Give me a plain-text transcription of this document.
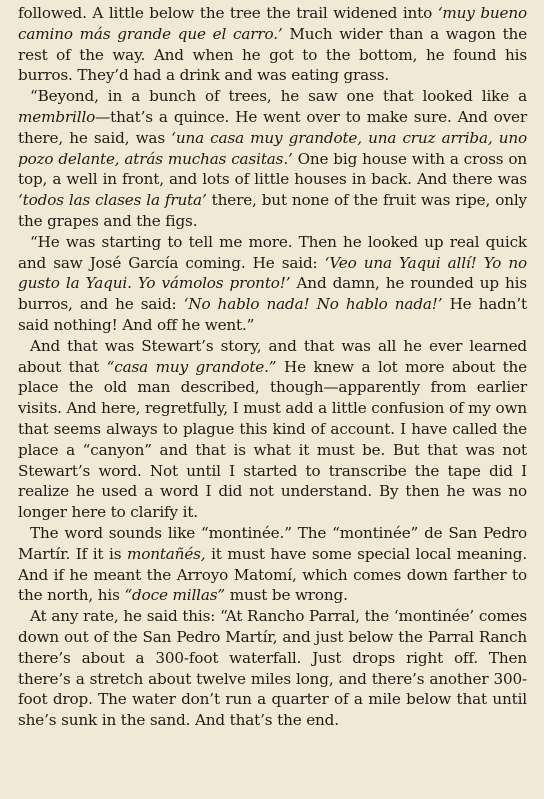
followed. A little below the tree the trail widened into ‘muy bueno camino más grande que el carro.’ Much wider than a wagon the rest of the way. And when he got to the bottom, he found his burros. They’d had a drink and was eating grass.

“Beyond, in a bunch of trees, he saw one that looked like a membrillo—that’s a quince. He went over to make sure. And over there, he said, was ‘una casa muy grandote, una cruz arriba, uno pozo delante, atrás muchas casitas.’ One big house with a cross on top, a well in front, and lots of little houses in back. And there was ‘todos las clases la fruta’ there, but none of the fruit was ripe, only the grapes and the figs.

“He was starting to tell me more. Then he looked up real quick and saw José García coming. He said: ‘Veo una Yaqui allí! Yo no gusto la Yaqui. Yo vámolos pronto!’ And damn, he rounded up his burros, and he said: ‘No hablo nada! No hablo nada!’ He hadn’t said nothing! And off he went.”

And that was Stewart’s story, and that was all he ever learned about that “casa muy grandote.” He knew a lot more about the place the old man described, though—apparently from earlier visits. And here, regretfully, I must add a little confusion of my own that seems always to plague this kind of account. I have called the place a “canyon” and that is what it must be. But that was not Stewart’s word. Not until I started to transcribe the tape did I realize he used a word I did not understand. By then he was no longer here to clarify it.

The word sounds like “montinée.” The “montinée” de San Pedro Martír. If it is montañés, it must have some special local meaning. And if he meant the Arroyo Matomí, which comes down farther to the north, his “doce millas” must be wrong.

At any rate, he said this: “At Rancho Parral, the ‘montinée’ comes down out of the San Pedro Martír, and just below the Parral Ranch there’s about a 300-foot waterfall. Just drops right off. Then there’s a stretch about twelve miles long, and there’s another 300-foot drop. The water don’t run a quarter of a mile below that until she’s sunk in the sand. And that’s the end.
